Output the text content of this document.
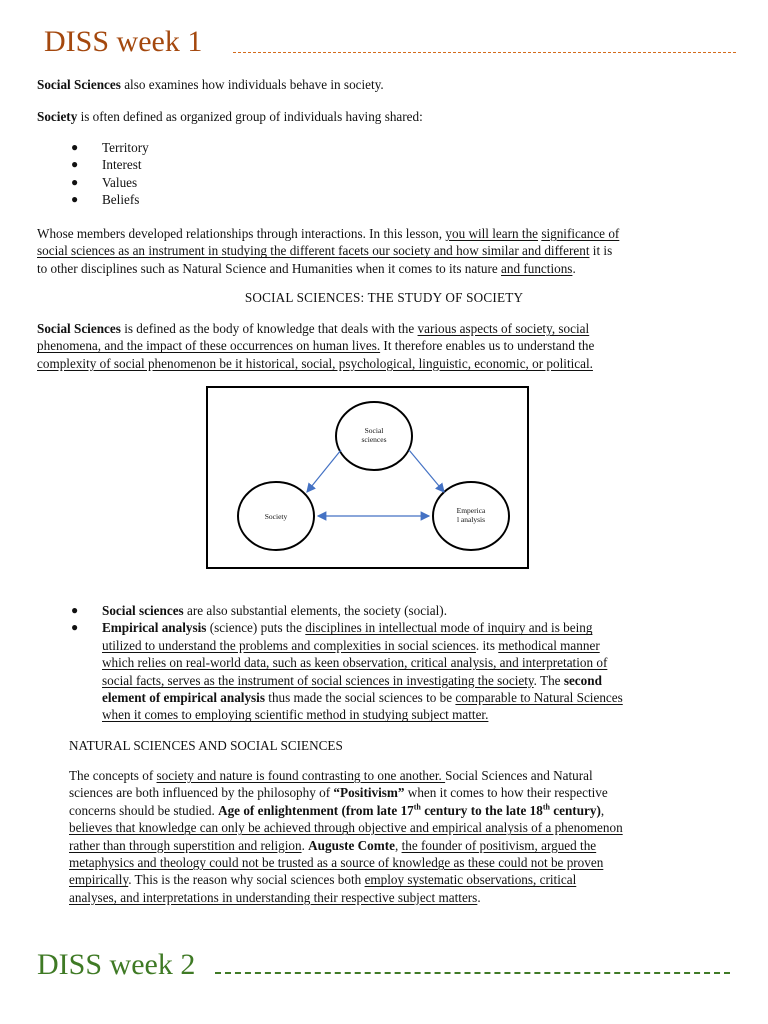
DISS week 1

Social Sciences also examines how individuals behave in society.

Society is often defined as organized group of individuals having shared:

● Territory
● Interest
● Values
● Beliefs

Whose members developed relationships through interactions. In this lesson, you will learn the significance of
social sciences as an instrument in studying the different facets our society and how similar and different it is
to other disciplines such as Natural Science and Humanities when it comes to its nature and functions.

SOCIAL SCIENCES: THE STUDY OF SOCIETY

Social Sciences is defined as the body of knowledge that deals with the various aspects of society, social
phenomena, and the impact of these occurrences on human lives. It therefore enables us to understand the
complexity of social phenomenon be it historical, social, psychological, linguistic, economic, or political.

Social
sciences
Society
Emperica
l analysis
● Social sciences are also substantial elements, the society (social).
● Empirical analysis (science) puts the disciplines in intellectual mode of inquiry and is being
utilized to understand the problems and complexities in social sciences. its methodical manner
which relies on real-world data, such as keen observation, critical analysis, and interpretation of
social facts, serves as the instrument of social sciences in investigating the society. The second
element of empirical analysis thus made the social sciences to be comparable to Natural Sciences
when it comes to employing scientific method in studying subject matter.
NATURAL SCIENCES AND SOCIAL SCIENCES

The concepts of society and nature is found contrasting to one another. Social Sciences and Natural
sciences are both influenced by the philosophy of “Positivism” when it comes to how their respective
concerns should be studied. Age of enlightenment (from late 17th century to the late 18th century),
believes that knowledge can only be achieved through objective and empirical analysis of a phenomenon
rather than through superstition and religion. Auguste Comte, the founder of positivism, argued the
metaphysics and theology could not be trusted as a source of knowledge as these could not be proven
empirically. This is the reason why social sciences both employ systematic observations, critical
analyses, and interpretations in understanding their respective subject matters.

DISS week 2
